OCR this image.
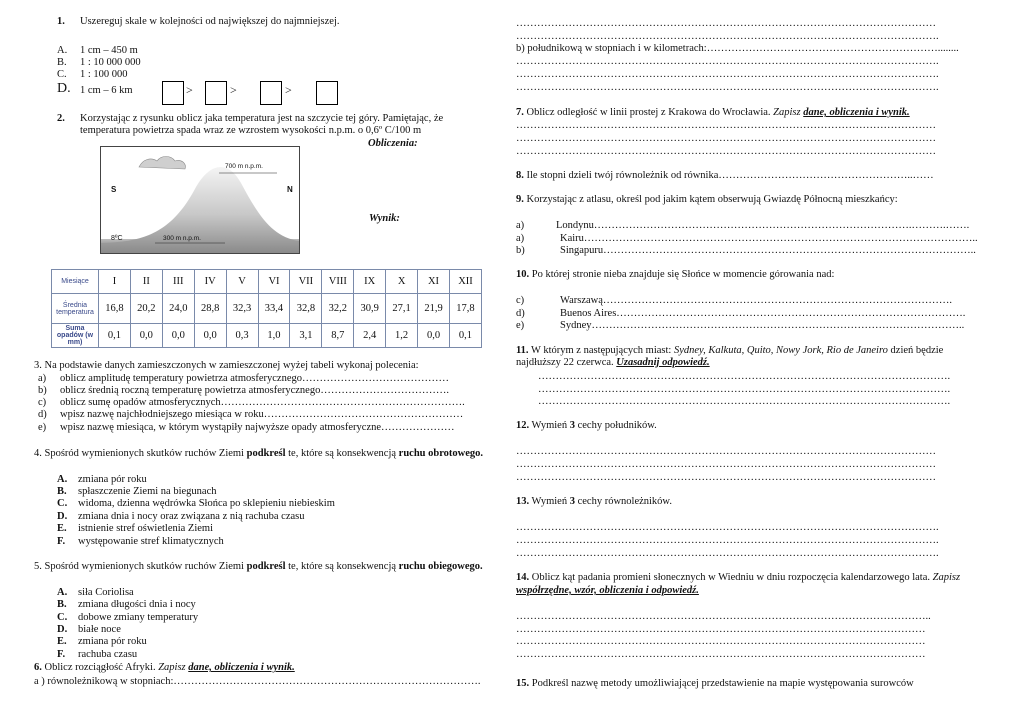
1. Uszereguj skale w kolejności od największej do najmniejszej.
A. 1 cm – 450 m
B. 1 : 10 000 000
C. 1 : 100 000
D. 1 cm – 6 km	>	>	>
2. Korzystając z rysunku oblicz jaka temperatura jest na szczycie tej góry. Pamiętając, że
temperatura powietrza spada wraz ze wzrostem wysokości n.p.m. o 0,6º C/100 m
Obliczenia:
Wynik:
700 m n.p.m.
300 m n.p.m.
8ºC
S	N
Miesiące	I	II	III	IV	V	VI	VII	VIII	IX	X	XI	XII
Średnia
temperatura	16,8	20,2	24,0	28,8	32,3	33,4	32,8	32,2	30,9	27,1	21,9	17,8
Suma opadów (w mm)	0,1	0,0	0,0	0,0	0,3	1,0	3,1	8,7	2,4	1,2	0,0	0,1
3. Na podstawie danych zamieszczonych w zamieszczonej wyżej tabeli wykonaj polecenia:
a) oblicz amplitudę temperatury powietrza atmosferycznego……………………………………
b) oblicz średnią roczną temperaturę powietrza atmosferycznego……………………………….
c) oblicz sumę opadów atmosferycznych…………………………………………………………….
d) wpisz nazwę najchłodniejszego miesiąca w roku…………………………………………………
e) wpisz nazwę miesiąca, w którym wystąpiły najwyższe opady atmosferyczne…………………
4. Spośród wymienionych skutków ruchów Ziemi podkreśl te, które są konsekwencją ruchu obrotowego.
A. zmiana pór roku
B. spłaszczenie Ziemi na biegunach
C. widoma, dzienna wędrówka Słońca po sklepieniu niebieskim
D. zmiana dnia i nocy oraz związana z nią rachuba czasu
E. istnienie stref oświetlenia Ziemi
F. występowanie stref klimatycznych
5. Spośród wymienionych skutków ruchów Ziemi podkreśl te, które są konsekwencją ruchu obiegowego.
A. siła Coriolisa
B. zmiana długości dnia i nocy
C. dobowe zmiany temperatury
D. białe noce
E. zmiana pór roku
F. rachuba czasu
6. Oblicz rozciągłość Afryki. Zapisz dane, obliczenia i wynik.
a ) równoleżnikową w stopniach:…………………………………………………………………………….
…………………………………………………………………………………………………………
………………………………………………………………………………………………………….
b) południkową w stopniach i w kilometrach:…………………………………………………………........
………………………………………………………………………………………………………….
………………………………………………………………………………………………………….
………………………………………………………………………………………………………….
7. Oblicz odległość w linii prostej z Krakowa do Wrocławia. Zapisz dane, obliczenia i wynik.
…………………………………………………………………………………………………………
…………………………………………………………………………………………………………
…………………………………………………………………………………………………………
8. Ile stopni dzieli twój równoleżnik od równika………………………………………………..……
9. Korzystając z atlasu, określ pod jakim kątem obserwują Gwiazdę Północną mieszkańcy:
a)	Londynu……………………………………………………………………………….……….…….
a)	Kairu…………………………………………………………………………………………………..
b)	Singapuru……………………………………………………………………………………………..
10. Po której stronie nieba znajduje się Słońce w momencie górowania nad:
c)	Warszawą……………………………………………………………………………………….
d)	Buenos Aires……………………………………………………………………………………….
e)	Sydney……………………………………………………………………………………………..
11. W którym z następujących miast: Sydney, Kalkuta, Quito, Nowy Jork, Rio de Janeiro dzień będzie
najdłuższy 22 czerwca. Uzasadnij odpowiedź.
……………………………………………………………………………………………………….
……………………………………………………………………………………………………….
……………………………………………………………………………………………………….
12. Wymień 3 cechy południków.
…………………………………………………………………………………………………………
…………………………………………………………………………………………………………
…………………………………………………………………………………………………………
13. Wymień 3 cechy równoleżników.
………………………………………………………………………………………………………….
………………………………………………………………………………………………………….
………………………………………………………………………………………………………….
14. Oblicz kąt padania promieni słonecznych w Wiedniu w dniu rozpoczęcia kalendarzowego lata. Zapisz
współrzędne, wzór, obliczenia i odpowiedź.
………………………………………………………………………………………………………..
………………………………………………………………………………………………………
………………………………………………………………………………………………………
………………………………………………………………………………………………………
15. Podkreśl nazwę metody umożliwiającej przedstawienie na mapie występowania surowców
